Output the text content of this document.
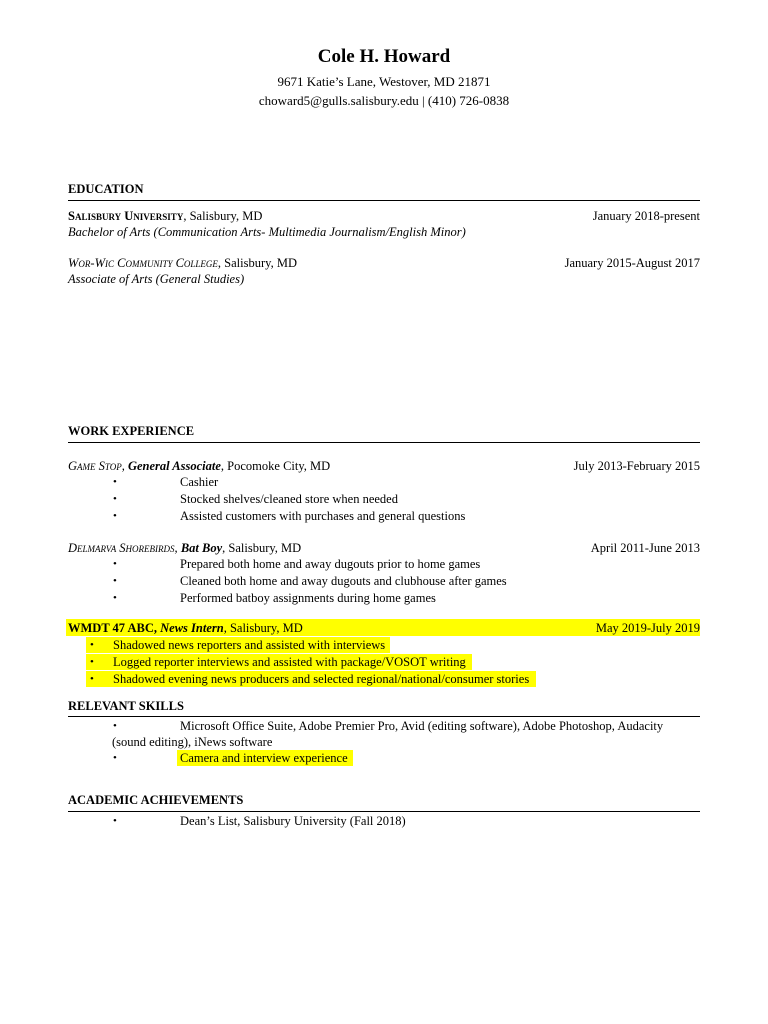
Cole H. Howard
9671 Katie’s Lane, Westover, MD 21871
choward5@gulls.salisbury.edu | (410) 726-0838
EDUCATION
Salisbury University, Salisbury, MD	January 2018-present
Bachelor of Arts (Communication Arts- Multimedia Journalism/English Minor)
Wor-Wic Community College, Salisbury, MD	January 2015-August 2017
Associate of Arts (General Studies)
WORK EXPERIENCE
Game Stop, General Associate, Pocomoke City, MD	July 2013-February 2015
•	Cashier
•	Stocked shelves/cleaned store when needed
•	Assisted customers with purchases and general questions
Delmarva Shorebirds, Bat Boy, Salisbury, MD	April 2011-June 2013
•	Prepared both home and away dugouts prior to home games
•	Cleaned both home and away dugouts and clubhouse after games
•	Performed batboy assignments during home games
WMDT 47 ABC, News Intern, Salisbury, MD	May 2019-July 2019
• Shadowed news reporters and assisted with interviews
• Logged reporter interviews and assisted with package/VOSOT writing
• Shadowed evening news producers and selected regional/national/consumer stories
RELEVANT SKILLS
•	Microsoft Office Suite, Adobe Premier Pro, Avid (editing software), Adobe Photoshop, Audacity
(sound editing), iNews software
•	Camera and interview experience
ACADEMIC ACHIEVEMENTS
•	Dean’s List, Salisbury University (Fall 2018)
